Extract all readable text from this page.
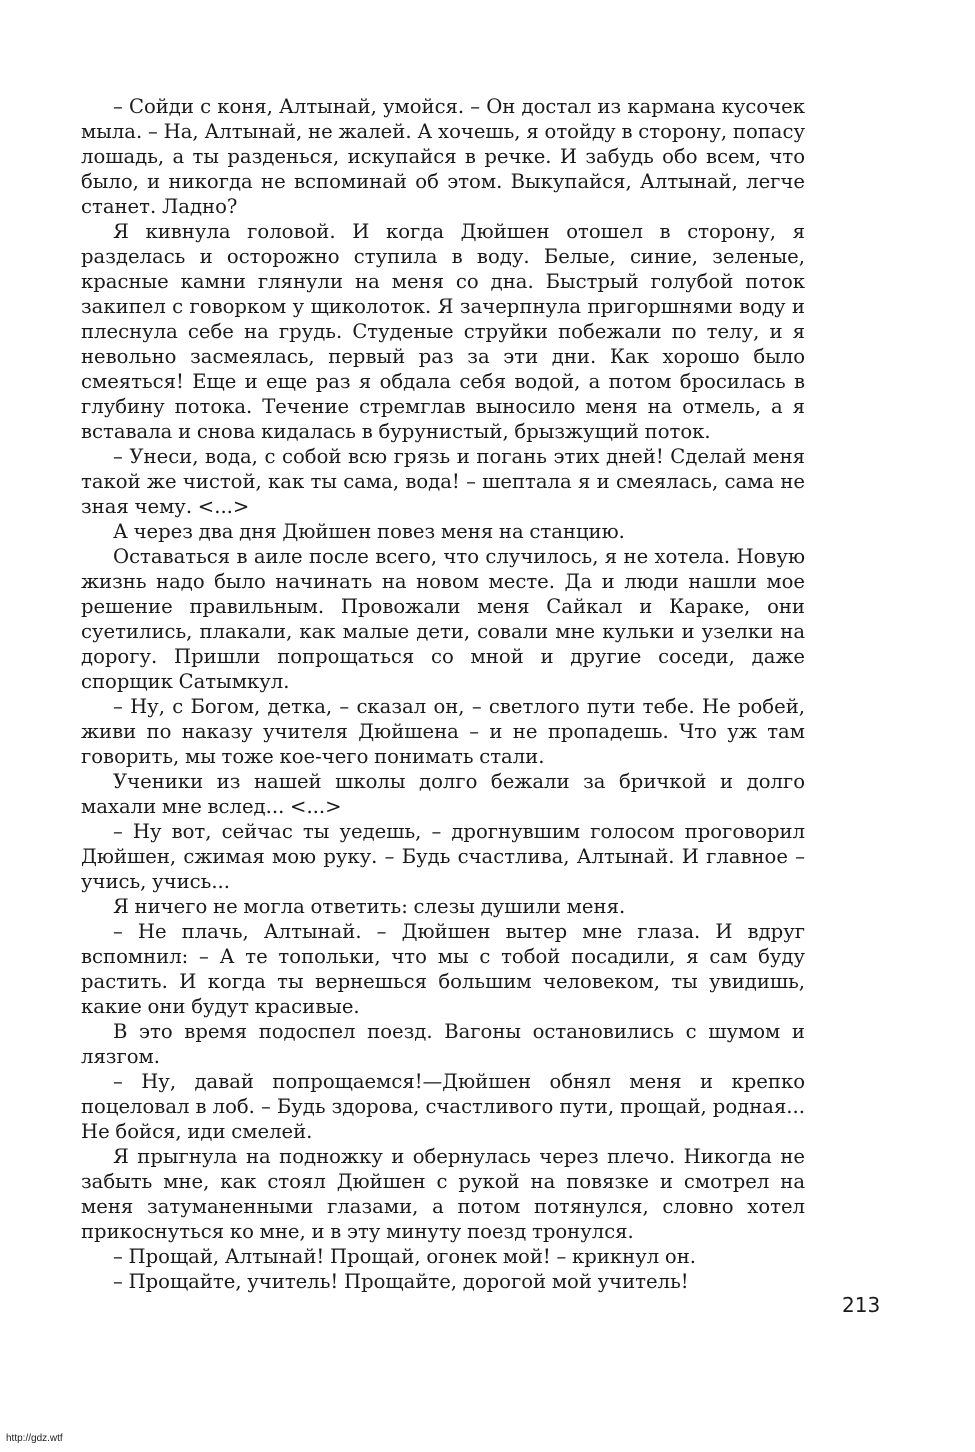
– Сойди с коня, Алтынай, умойся. – Он достал из кармана кусочек мыла. – На, Алтынай, не жалей. А хочешь, я отойду в сторону, попасу лошадь, а ты разденься, искупайся в речке. И забудь обо всем, что было, и никогда не вспоминай об этом. Выкупайся, Алтынай, легче станет. Ладно?

Я кивнула головой. И когда Дюйшен отошел в сторону, я разделась и осторожно ступила в воду. Белые, синие, зеленые, красные камни глянули на меня со дна. Быстрый голубой поток закипел с говорком у щиколоток. Я зачерпнула пригоршнями воду и плеснула себе на грудь. Студеные струйки побежали по телу, и я невольно засмеялась, первый раз за эти дни. Как хорошо было смеяться! Еще и еще раз я обдала себя водой, а потом бросилась в глубину потока. Течение стремглав выносило меня на отмель, а я вставала и снова кидалась в бурунистый, брызжущий поток.

– Унеси, вода, с собой всю грязь и погань этих дней! Сделай меня такой же чистой, как ты сама, вода! – шептала я и смеялась, сама не зная чему. <...>

А через два дня Дюйшен повез меня на станцию.

Оставаться в аиле после всего, что случилось, я не хотела. Новую жизнь надо было начинать на новом месте. Да и люди нашли мое решение правильным. Провожали меня Сайкал и Караке, они суетились, плакали, как малые дети, совали мне кульки и узелки на дорогу. Пришли попрощаться со мной и другие соседи, даже спорщик Сатымкул.

– Ну, с Богом, детка, – сказал он, – светлого пути тебе. Не робей, живи по наказу учителя Дюйшена – и не пропадешь. Что уж там говорить, мы тоже кое-чего понимать стали.

Ученики из нашей школы долго бежали за бричкой и долго махали мне вслед... <...>

– Ну вот, сейчас ты уедешь, – дрогнувшим голосом проговорил Дюйшен, сжимая мою руку. – Будь счастлива, Алтынай. И главное – учись, учись...

Я ничего не могла ответить: слезы душили меня.

– Не плачь, Алтынай. – Дюйшен вытер мне глаза. И вдруг вспомнил: – А те топольки, что мы с тобой посадили, я сам буду растить. И когда ты вернешься большим человеком, ты увидишь, какие они будут красивые.

В это время подоспел поезд. Вагоны остановились с шумом и лязгом.

– Ну, давай попрощаемся!—Дюйшен обнял меня и крепко поцеловал в лоб. – Будь здорова, счастливого пути, прощай, родная... Не бойся, иди смелей.

Я прыгнула на подножку и обернулась через плечо. Никогда не забыть мне, как стоял Дюйшен с рукой на повязке и смотрел на меня затуманенными глазами, а потом потянулся, словно хотел прикоснуться ко мне, и в эту минуту поезд тронулся.

– Прощай, Алтынай! Прощай, огонек мой! – крикнул он.

– Прощайте, учитель! Прощайте, дорогой мой учитель!

213
http://gdz.wtf
